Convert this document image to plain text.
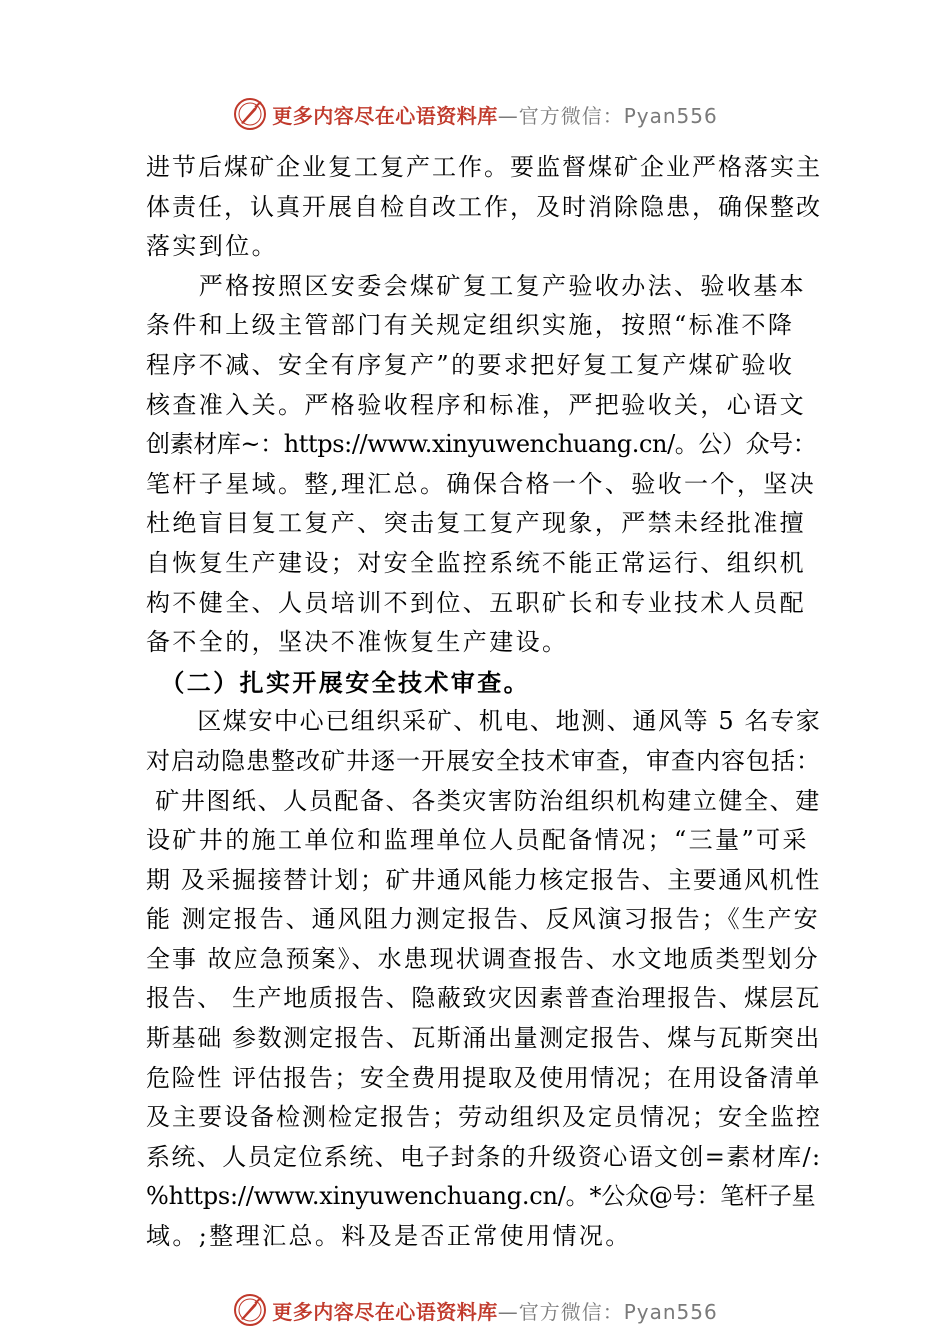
更多内容尽在心语资料库 —官方微信：Pyan556
进节后煤矿企业复工复产工作。要监督煤矿企业严格落实主
体责任，认真开展自检自改工作，及时消除隐患，确保整改
落实到位。
　　严格按照区安委会煤矿复工复产验收办法、验收基本
条件和上级主管部门有关规定组织实施，按照“标准不降
程序不减、安全有序复产”的要求把好复工复产煤矿验收
核查准入关。严格验收程序和标准，严把验收关，心语文
创素材库~：https://www.xinyuwenchuang.cn/。公）众号：
笔杆子星域。整,理汇总。确保合格一个、验收一个，坚决
杜绝盲目复工复产、突击复工复产现象，严禁未经批准擅
自恢复生产建设；对安全监控系统不能正常运行、组织机
构不健全、人员培训不到位、五职矿长和专业技术人员配
备不全的，坚决不准恢复生产建设。
　（二）扎实开展安全技术审查。
　　区煤安中心已组织采矿、机电、地测、通风等 5 名专家
对启动隐患整改矿井逐一开展安全技术审查，审查内容包括：
矿井图纸、人员配备、各类灾害防治组织机构建立健全、建
设矿井的施工单位和监理单位人员配备情况；“三量”可采
期 及采掘接替计划；矿井通风能力核定报告、主要通风机性
能 测定报告、通风阻力测定报告、反风演习报告；《生产安
全事 故应急预案》、水患现状调查报告、水文地质类型划分
报告、 生产地质报告、隐蔽致灾因素普查治理报告、煤层瓦
斯基础 参数测定报告、瓦斯涌出量测定报告、煤与瓦斯突出
危险性 评估报告；安全费用提取及使用情况；在用设备清单
及主要设备检测检定报告；劳动组织及定员情况；安全监控
系统、人员定位系统、电子封条的升级资心语文创=素材库/:
%https://www.xinyuwenchuang.cn/。*公众@号：笔杆子星
域。;整理汇总。料及是否正常使用情况。
更多内容尽在心语资料库 —官方微信：Pyan556
